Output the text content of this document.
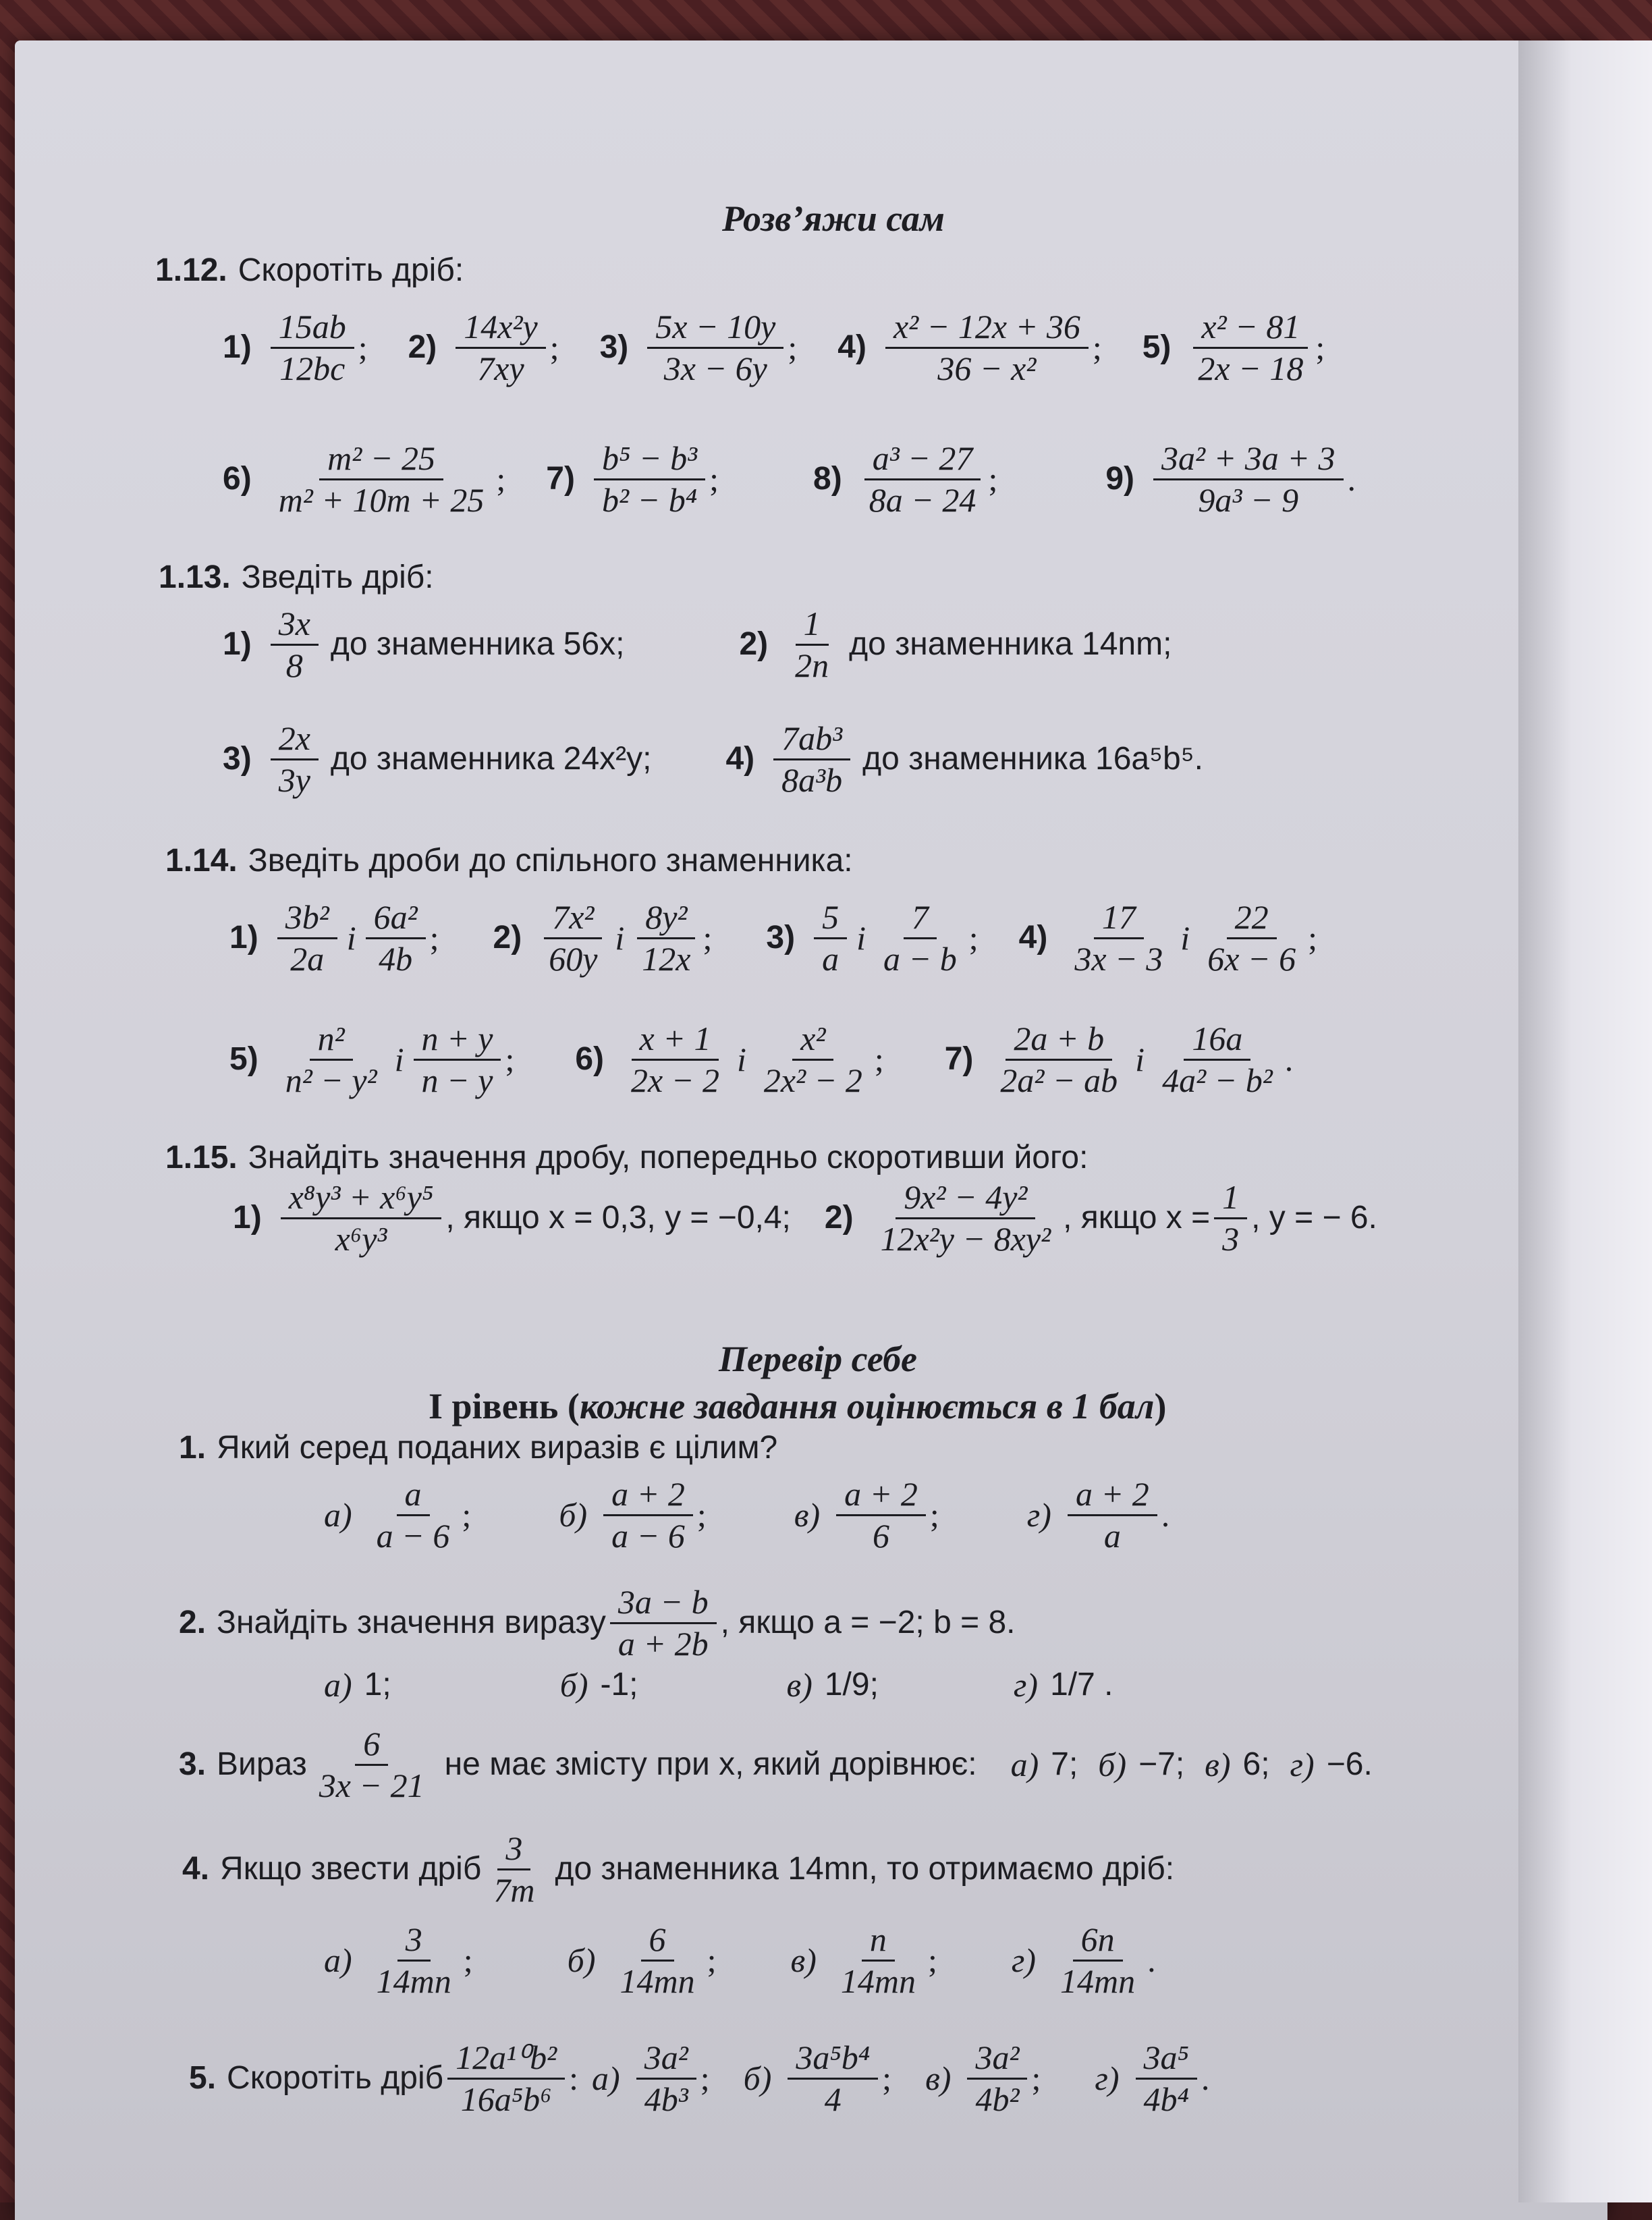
Розв’яжи сам
1.12. Скоротіть дріб:
$1) \frac{15ab}{12bc}$ ; $2) \frac{\text{14x²y}}{7xy}$ ; $3) \frac{5x - 10y}{3x - 6y}$ ; $4) \frac{\text{x² − 12x + 36}}{\text{36 − x²}}$ ; $5) \frac{\text{x² − 81}}{2x - 18}$ ;
$6) \frac{\text{m² − 25}}{\text{m² + 10m + 25}}$ ; $7) \frac{\text{b⁵ − b³}}{\text{b² − b⁴}}$ ;	$8) \frac{\text{a³ − 27}}{8a - 24}$ ;	$9) \frac{\text{3a² + 3a + 3}}{\text{9a³ − 9}}$ .
1.13. Зведіть дріб:
$1) \frac{3x}{8}$ до знаменника 56x;	$2) \frac{1}{2n}$ до знаменника 14nm;
$3) \frac{2x}{3y}$ до знаменника 24x²y; $4) \frac{\text{7ab³}}{\text{8a³b}}$ до знаменника 16a⁵b⁵.
1.14. Зведіть дроби до спільного знаменника:
$1) \frac{\text{3b²}}{2a}$ і $\frac{\text{6a²}}{4b}$ ; $2) \frac{\text{7x²}}{60y}$ і $\frac{\text{8y²}}{12x}$ ; $3) \frac{5}{a}$ і $\frac{7}{a - b}$ ; $4) \frac{17}{3x - 3}$ і $\frac{22}{6x - 6}$ ;
$5) \frac{\text{n²}}{\text{n² − y²}}$ і $\frac{n + y}{n - y}$ ; $6) \frac{x + 1}{2x - 2}$ і $\frac{\text{x²}}{\text{2x² − 2}}$ ; $7) \frac{2a + b}{\text{2a² − ab}}$ і $\frac{16a}{\text{4a² − b²}}$ .
1.15. Знайдіть значення дробу, попередньо скоротивши його:
$1) \frac{\text{x⁸y³ + x⁶y⁵}}{\text{x⁶y³}}$ , якщо x = 0,3, y = −0,4; $2) \frac{\text{9x² − 4y²}}{\text{12x²y − 8xy²}}$ , якщо $x = \frac{1}{3}$ , y = − 6.
Перевір себе
І рівень ( кожне завдання оцінюється в 1 бал )
1. Який серед поданих виразів є цілим?
$а) \frac{a}{a - 6}$ ;	$б) \frac{a + 2}{a - 6}$ ;	$в) \frac{a + 2}{6}$ ;	$г) \frac{a + 2}{a}$ .
2. Знайдіть значення виразу $\frac{3a - b}{a + 2b}$ , якщо a = −2; b = 8.
а) 1;	б) -1;	в) 1/9;	г) 1/7 .
3. Вираз $\frac{6}{3x - 21}$ не має змісту при x, який дорівнює: а) 7; б) −7; в) 6; г) −6.
4. Якщо звести дріб $\frac{3}{7m}$ до знаменника 14mn, то отримаємо дріб:
$а) \frac{3}{14mn}$ ;	$б) \frac{6}{14mn}$ ; $в) \frac{n}{14mn}$ ; $г) \frac{6n}{14mn}$ .
5. Скоротіть дріб $\frac{\text{12a¹⁰b²}}{\text{16a⁵b⁶}}$ : $а) \frac{\text{3a²}}{\text{4b³}}$ ; $б) \frac{\text{3a⁵b⁴}}{4}$ ; $в) \frac{\text{3a²}}{\text{4b²}}$ ; $г) \frac{\text{3a⁵}}{\text{4b⁴}}$ .
